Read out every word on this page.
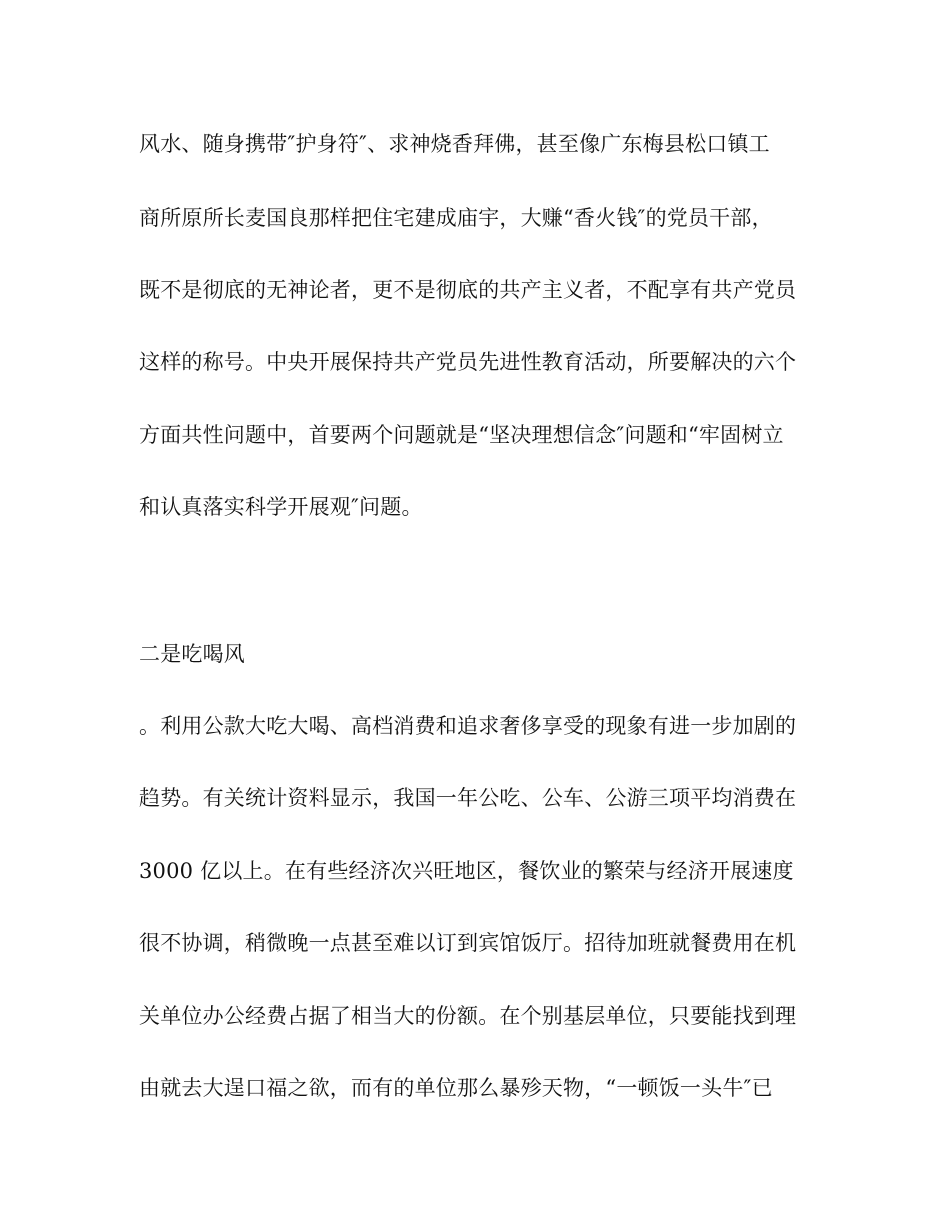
风水、随身携带″护身符″、求神烧香拜佛，甚至像广东梅县松口镇工
商所原所长麦国良那样把住宅建成庙宇，大赚“香火钱″的党员干部，
既不是彻底的无神论者，更不是彻底的共产主义者，不配享有共产党员
这样的称号。中央开展保持共产党员先进性教育活动，所要解决的六个
方面共性问题中，首要两个问题就是“坚决理想信念″问题和“牢固树立
和认真落实科学开展观″问题。
二是吃喝风
。利用公款大吃大喝、高档消费和追求奢侈享受的现象有进一步加剧的
趋势。有关统计资料显示，我国一年公吃、公车、公游三项平均消费在
3000 亿以上。在有些经济次兴旺地区，餐饮业的繁荣与经济开展速度
很不协调，稍微晚一点甚至难以订到宾馆饭厅。招待加班就餐费用在机
关单位办公经费占据了相当大的份额。在个别基层单位，只要能找到理
由就去大逞口福之欲，而有的单位那么暴殄天物，“一顿饭一头牛″已
